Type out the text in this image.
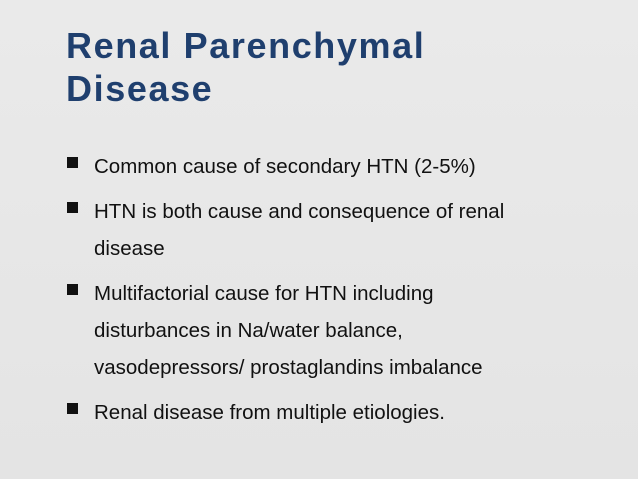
Renal Parenchymal
Disease
Common cause of secondary HTN (2-5%)
HTN is both cause and consequence of renal
disease
Multifactorial cause for HTN including
disturbances in Na/water balance,
vasodepressors/ prostaglandins imbalance
Renal disease from multiple etiologies.
